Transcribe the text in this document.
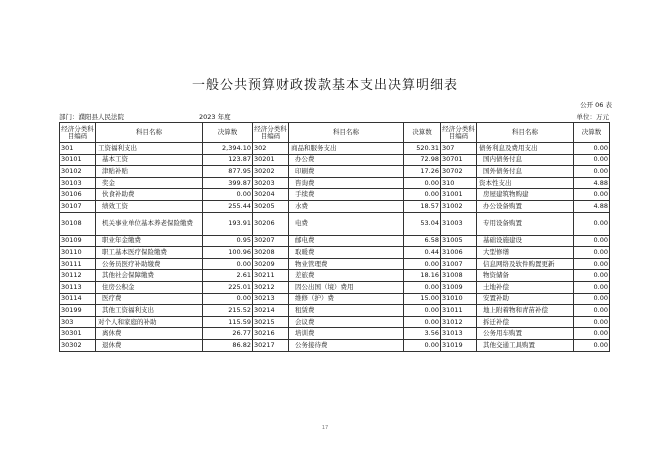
一般公共预算财政拨款基本支出决算明细表
公开 06 表
部门：濮阳县人民法院	2023 年度	单位：万元
经济分类科目编码	科目名称	决算数	经济分类科目编码	科目名称	决算数	经济分类科目编码	科目名称	决算数
301	工资福利支出	2,394.10	302	商品和服务支出	520.31	307	债务利息及费用支出	0.00
30101	基本工资	123.87	30201	办公费	72.98	30701	国内债务付息	0.00
30102	津贴补贴	877.95	30202	印刷费	17.26	30702	国外债务付息	0.00
30103	奖金	399.87	30203	咨询费	0.00	310	资本性支出	4.88
30106	伙食补助费	0.00	30204	手续费	0.00	31001	房屋建筑物购建	0.00
30107	绩效工资	255.44	30205	水费	18.57	31002	办公设备购置	4.88
30108	机关事业单位基本养老保险缴费	193.91	30206	电费	53.04	31003	专用设备购置	0.00
30109	职业年金缴费	0.95	30207	邮电费	6.58	31005	基础设施建设	0.00
30110	职工基本医疗保险缴费	100.96	30208	取暖费	0.44	31006	大型修缮	0.00
30111	公务员医疗补助缴费	0.00	30209	物业管理费	0.00	31007	信息网络及软件购置更新	0.00
30112	其他社会保障缴费	2.61	30211	差旅费	18.16	31008	物资储备	0.00
30113	住房公积金	225.01	30212	因公出国（境）费用	0.00	31009	土地补偿	0.00
30114	医疗费	0.00	30213	维修（护）费	15.00	31010	安置补助	0.00
30199	其他工资福利支出	215.52	30214	租赁费	0.00	31011	地上附着物和青苗补偿	0.00
303	对个人和家庭的补助	115.59	30215	会议费	0.00	31012	拆迁补偿	0.00
30301	离休费	26.77	30216	培训费	3.56	31013	公务用车购置	0.00
30302	退休费	86.82	30217	公务接待费	0.00	31019	其他交通工具购置	0.00
17
